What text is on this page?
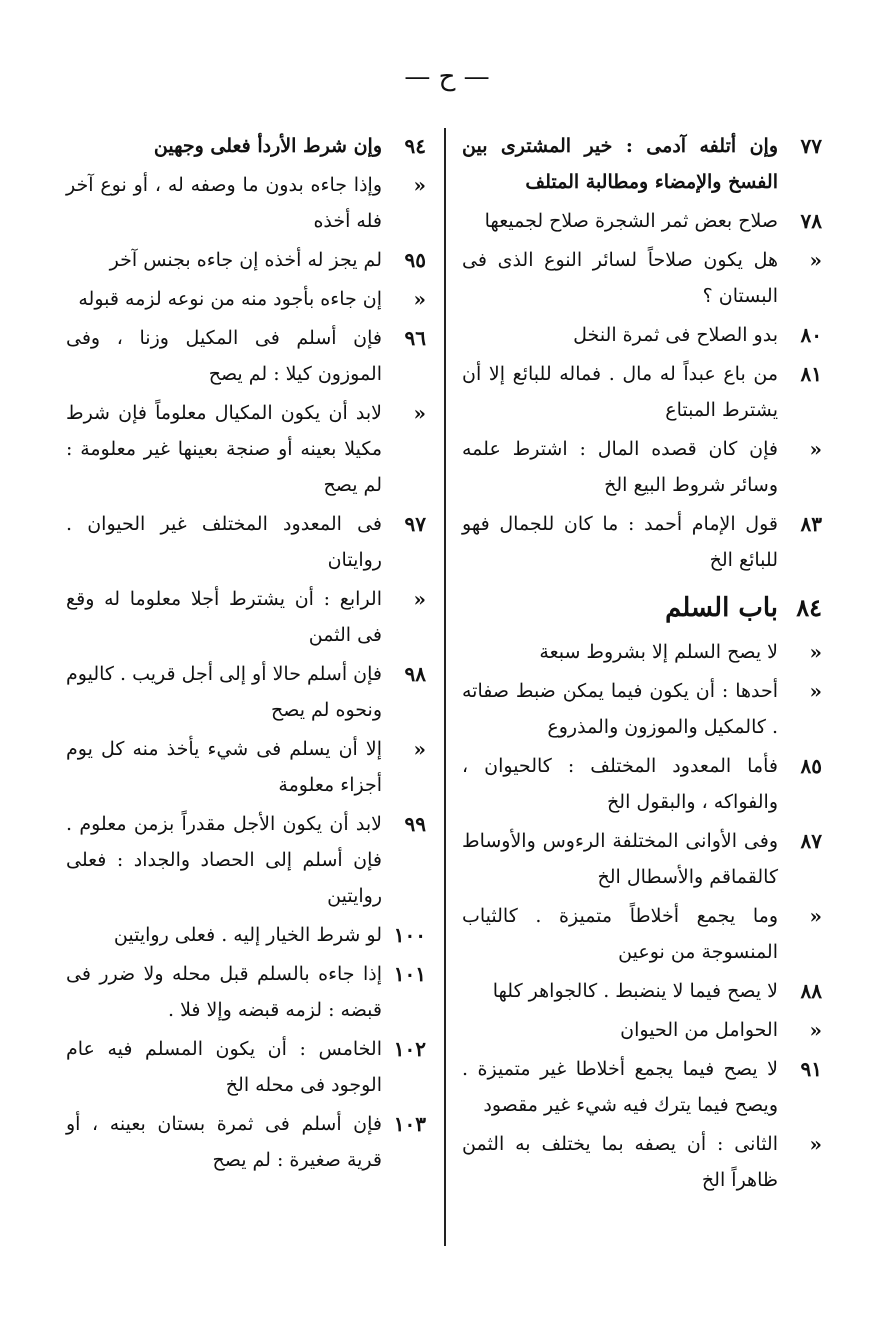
— ح —
٧٧
وإن أتلفه آدمى : خير المشترى بين الفسخ والإمضاء ومطالبة المتلف
٧٨
صلاح بعض ثمر الشجرة صلاح لجميعها
«
هل يكون صلاحاً لسائر النوع الذى فى البستان ؟
٨٠
بدو الصلاح فى ثمرة النخل
٨١
من باع عبداً له مال . فماله للبائع إلا أن يشترط المبتاع
«
فإن كان قصده المال : اشترط علمه وسائر شروط البيع الخ
٨٣
قول الإمام أحمد : ما كان للجمال فهو للبائع الخ
٨٤
باب السلم
«
لا يصح السلم إلا بشروط سبعة
«
أحدها : أن يكون فيما يمكن ضبط صفاته . كالمكيل والموزون والمذروع
٨٥
فأما المعدود المختلف : كالحيوان ، والفواكه ، والبقول الخ
٨٧
وفى الأوانى المختلفة الرءوس والأوساط كالقماقم والأسطال الخ
«
وما يجمع أخلاطاً متميزة . كالثياب المنسوجة من نوعين
٨٨
لا يصح فيما لا ينضبط . كالجواهر كلها
«
الحوامل من الحيوان
٩١
لا يصح فيما يجمع أخلاطا غير متميزة . ويصح فيما يترك فيه شيء غير مقصود
«
الثانى : أن يصفه بما يختلف به الثمن ظاهراً الخ
٩٤
وإن شرط الأردأ فعلى وجهين
«
وإذا جاءه بدون ما وصفه له ، أو نوع آخر فله أخذه
٩٥
لم يجز له أخذه إن جاءه بجنس آخر
«
إن جاءه بأجود منه من نوعه لزمه قبوله
٩٦
فإن أسلم فى المكيل وزنا ، وفى الموزون كيلا : لم يصح
«
لابد أن يكون المكيال معلوماً فإن شرط مكيلا بعينه أو صنجة بعينها غير معلومة : لم يصح
٩٧
فى المعدود المختلف غير الحيوان . روايتان
«
الرابع : أن يشترط أجلا معلوما له وقع فى الثمن
٩٨
فإن أسلم حالا أو إلى أجل قريب . كاليوم ونحوه لم يصح
«
إلا أن يسلم فى شيء يأخذ منه كل يوم أجزاء معلومة
٩٩
لابد أن يكون الأجل مقدراً بزمن معلوم . فإن أسلم إلى الحصاد والجداد : فعلى روايتين
١٠٠
لو شرط الخيار إليه . فعلى روايتين
١٠١
إذا جاءه بالسلم قبل محله ولا ضرر فى قبضه : لزمه قبضه وإلا فلا .
١٠٢
الخامس : أن يكون المسلم فيه عام الوجود فى محله الخ
١٠٣
فإن أسلم فى ثمرة بستان بعينه ، أو قرية صغيرة : لم يصح
